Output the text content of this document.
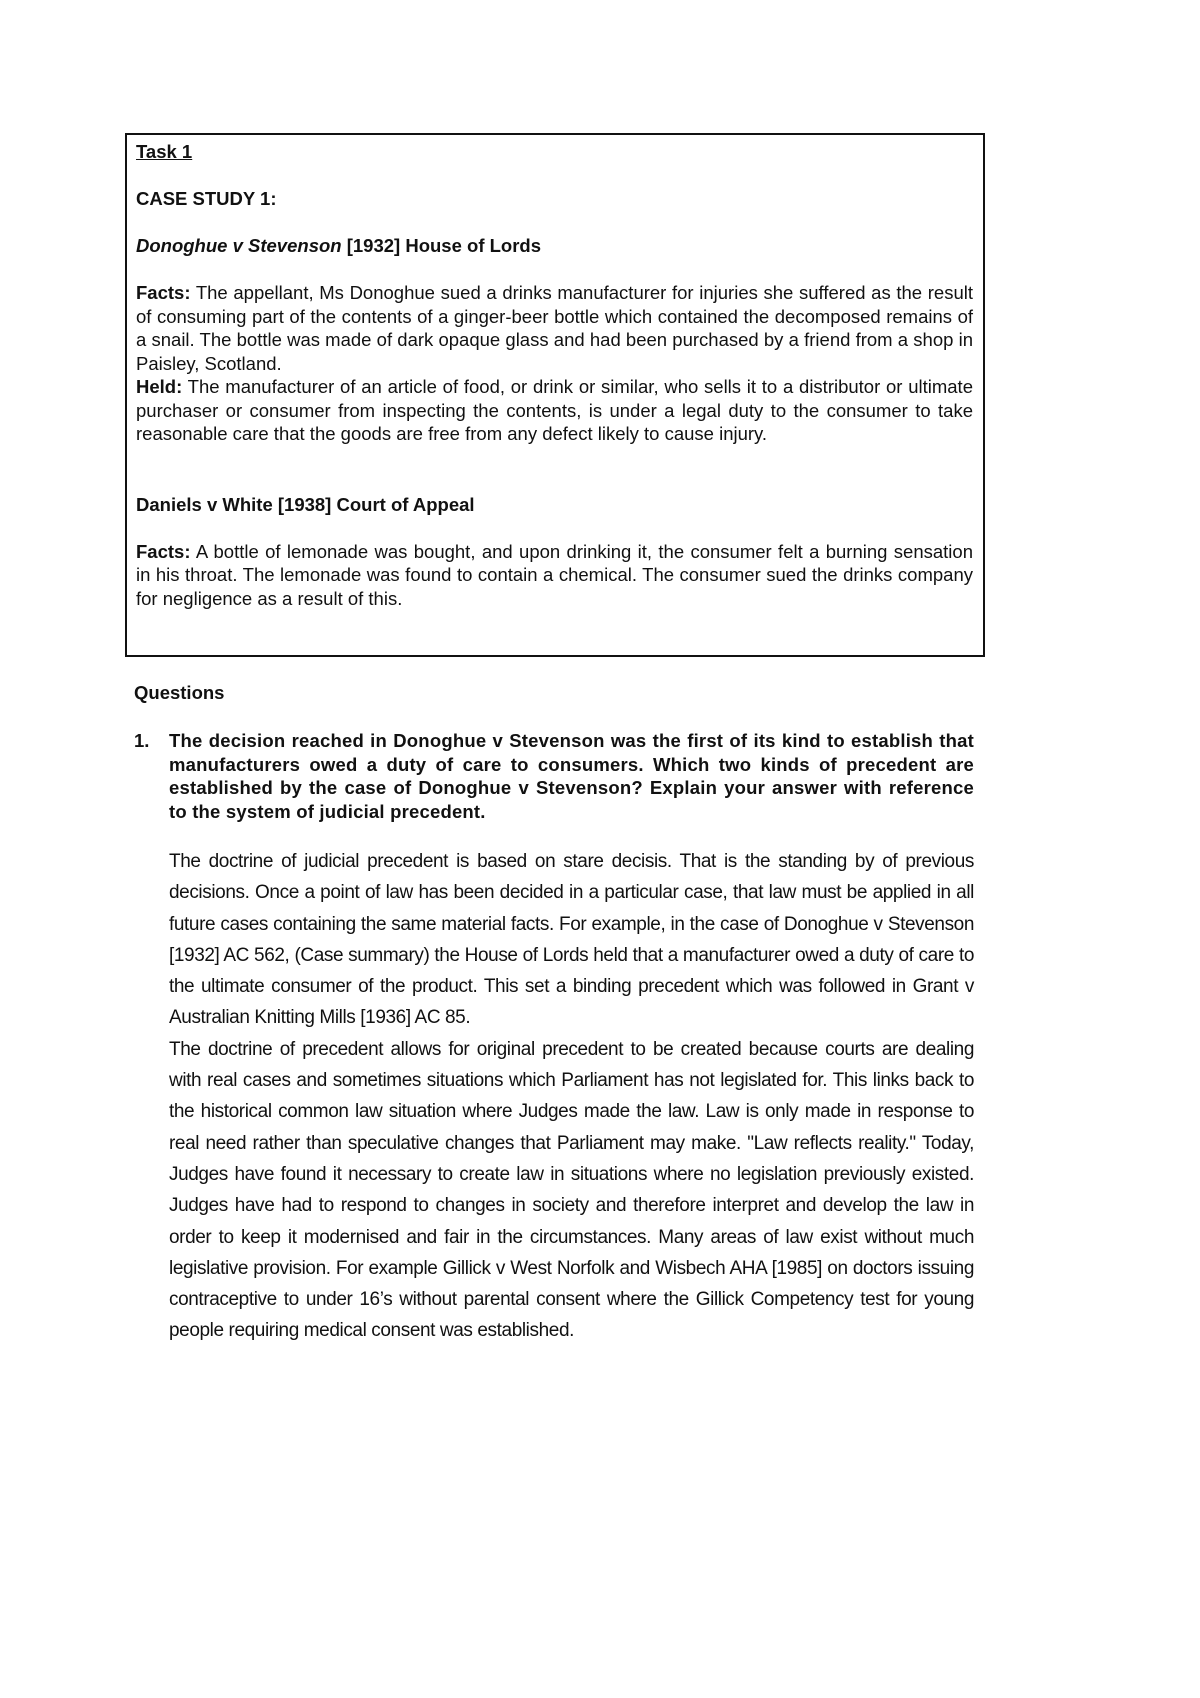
Task 1
CASE STUDY 1:
Donoghue v Stevenson [1932] House of Lords
Facts: The appellant, Ms Donoghue sued a drinks manufacturer for injuries she suffered as the result of consuming part of the contents of a ginger-beer bottle which contained the decomposed remains of a snail. The bottle was made of dark opaque glass and had been purchased by a friend from a shop in Paisley, Scotland.
Held: The manufacturer of an article of food, or drink or similar, who sells it to a distributor or ultimate purchaser or consumer from inspecting the contents, is under a legal duty to the consumer to take reasonable care that the goods are free from any defect likely to cause injury.
Daniels v White [1938] Court of Appeal
Facts: A bottle of lemonade was bought, and upon drinking it, the consumer felt a burning sensation in his throat. The lemonade was found to contain a chemical. The consumer sued the drinks company for negligence as a result of this.
Questions
1. The decision reached in Donoghue v Stevenson was the first of its kind to establish that manufacturers owed a duty of care to consumers. Which two kinds of precedent are established by the case of Donoghue v Stevenson? Explain your answer with reference to the system of judicial precedent.

The doctrine of judicial precedent is based on stare decisis. That is the standing by of previous decisions. Once a point of law has been decided in a particular case, that law must be applied in all future cases containing the same material facts. For example, in the case of Donoghue v Stevenson [1932] AC 562, (Case summary) the House of Lords held that a manufacturer owed a duty of care to the ultimate consumer of the product. This set a binding precedent which was followed in Grant v Australian Knitting Mills [1936] AC 85.

The doctrine of precedent allows for original precedent to be created because courts are dealing with real cases and sometimes situations which Parliament has not legislated for. This links back to the historical common law situation where Judges made the law. Law is only made in response to real need rather than speculative changes that Parliament may make. "Law reflects reality." Today, Judges have found it necessary to create law in situations where no legislation previously existed. Judges have had to respond to changes in society and therefore interpret and develop the law in order to keep it modernised and fair in the circumstances. Many areas of law exist without much legislative provision. For example Gillick v West Norfolk and Wisbech AHA [1985] on doctors issuing contraceptive to under 16’s without parental consent where the Gillick Competency test for young people requiring medical consent was established.
